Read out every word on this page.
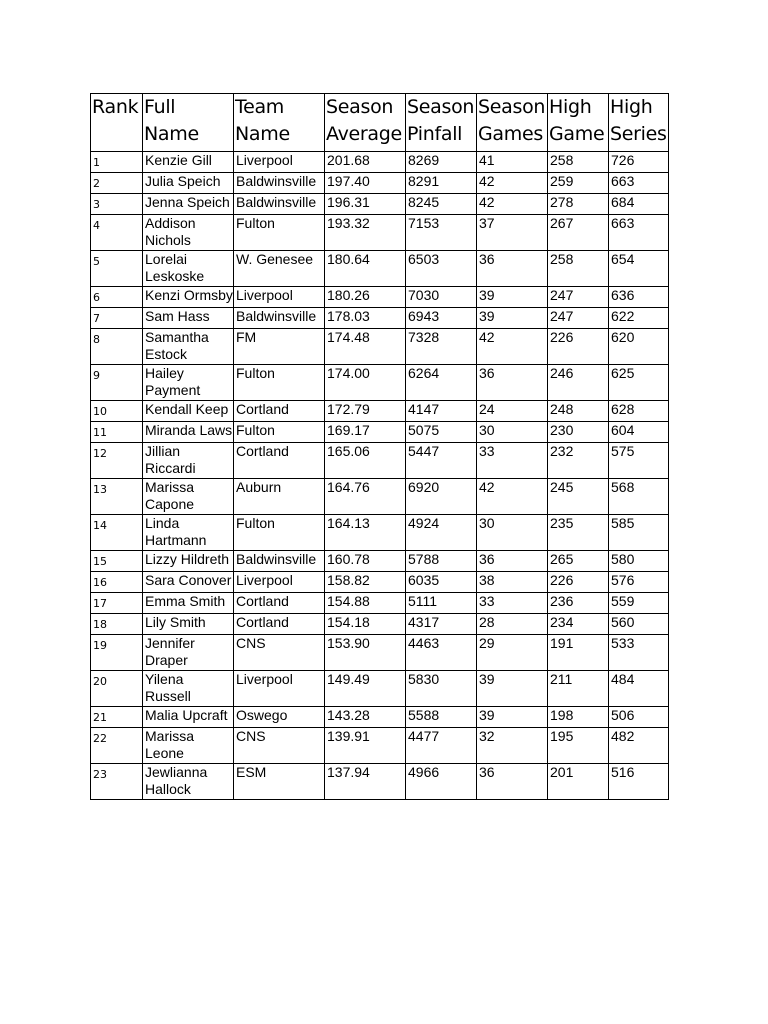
Rank	Full Name	Team Name	Season Average	Season Pinfall	Season Games	High Game	High Series
1	Kenzie Gill	Liverpool	201.68	8269	41	258	726
2	Julia Speich	Baldwinsville	197.40	8291	42	259	663
3	Jenna Speich	Baldwinsville	196.31	8245	42	278	684
4	Addison Nichols	Fulton	193.32	7153	37	267	663
5	Lorelai Leskoske	W. Genesee	180.64	6503	36	258	654
6	Kenzi Ormsby	Liverpool	180.26	7030	39	247	636
7	Sam Hass	Baldwinsville	178.03	6943	39	247	622
8	Samantha Estock	FM	174.48	7328	42	226	620
9	Hailey Payment	Fulton	174.00	6264	36	246	625
10	Kendall Keep	Cortland	172.79	4147	24	248	628
11	Miranda Laws	Fulton	169.17	5075	30	230	604
12	Jillian Riccardi	Cortland	165.06	5447	33	232	575
13	Marissa Capone	Auburn	164.76	6920	42	245	568
14	Linda Hartmann	Fulton	164.13	4924	30	235	585
15	Lizzy Hildreth	Baldwinsville	160.78	5788	36	265	580
16	Sara Conover	Liverpool	158.82	6035	38	226	576
17	Emma Smith	Cortland	154.88	5111	33	236	559
18	Lily Smith	Cortland	154.18	4317	28	234	560
19	Jennifer Draper	CNS	153.90	4463	29	191	533
20	Yilena Russell	Liverpool	149.49	5830	39	211	484
21	Malia Upcraft	Oswego	143.28	5588	39	198	506
22	Marissa Leone	CNS	139.91	4477	32	195	482
23	Jewlianna Hallock	ESM	137.94	4966	36	201	516
